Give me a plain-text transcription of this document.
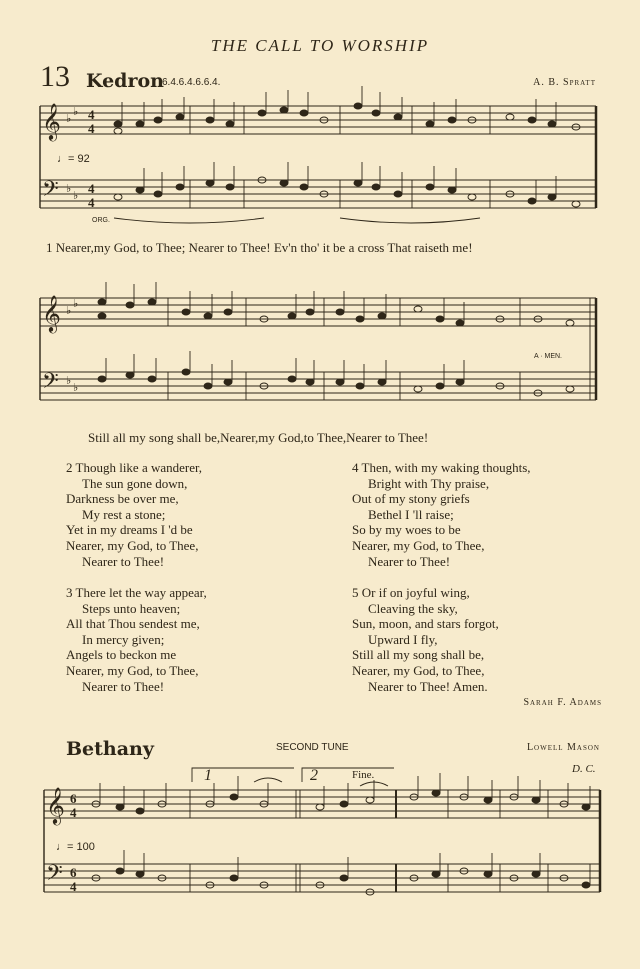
THE CALL TO WORSHIP
13 Kedron
6.4.6.4.6.6.4.	A. B. Spratt
𝄞
𝄢
♭
♭
♭
♭
4
4
4
4
♩= 92
ORG.
1 Nearer,my God, to Thee; Nearer to Thee! Ev'n tho' it be a cross That raiseth me!
𝄞
𝄢
♭
♭
♭
♭
A · MEN.
Still all my song shall be,Nearer,my God,to Thee,Nearer to Thee!
2 Though like a wanderer,
The sun gone down,
Darkness be over me,
My rest a stone;
Yet in my dreams I 'd be
Nearer, my God, to Thee,
Nearer to Thee!
3 There let the way appear,
Steps unto heaven;
All that Thou sendest me,
In mercy given;
Angels to beckon me
Nearer, my God, to Thee,
Nearer to Thee!
4 Then, with my waking thoughts,
Bright with Thy praise,
Out of my stony griefs
Bethel I 'll raise;
So by my woes to be
Nearer, my God, to Thee,
Nearer to Thee!
5 Or if on joyful wing,
Cleaving the sky,
Sun, moon, and stars forgot,
Upward I fly,
Still all my song shall be,
Nearer, my God, to Thee,
Nearer to Thee! Amen.
Sarah F. Adams
Bethany	SECOND TUNE	Lowell Mason
1	2	Fine.	D. C.
𝄞
𝄢
6
4
6
4
♩= 100
